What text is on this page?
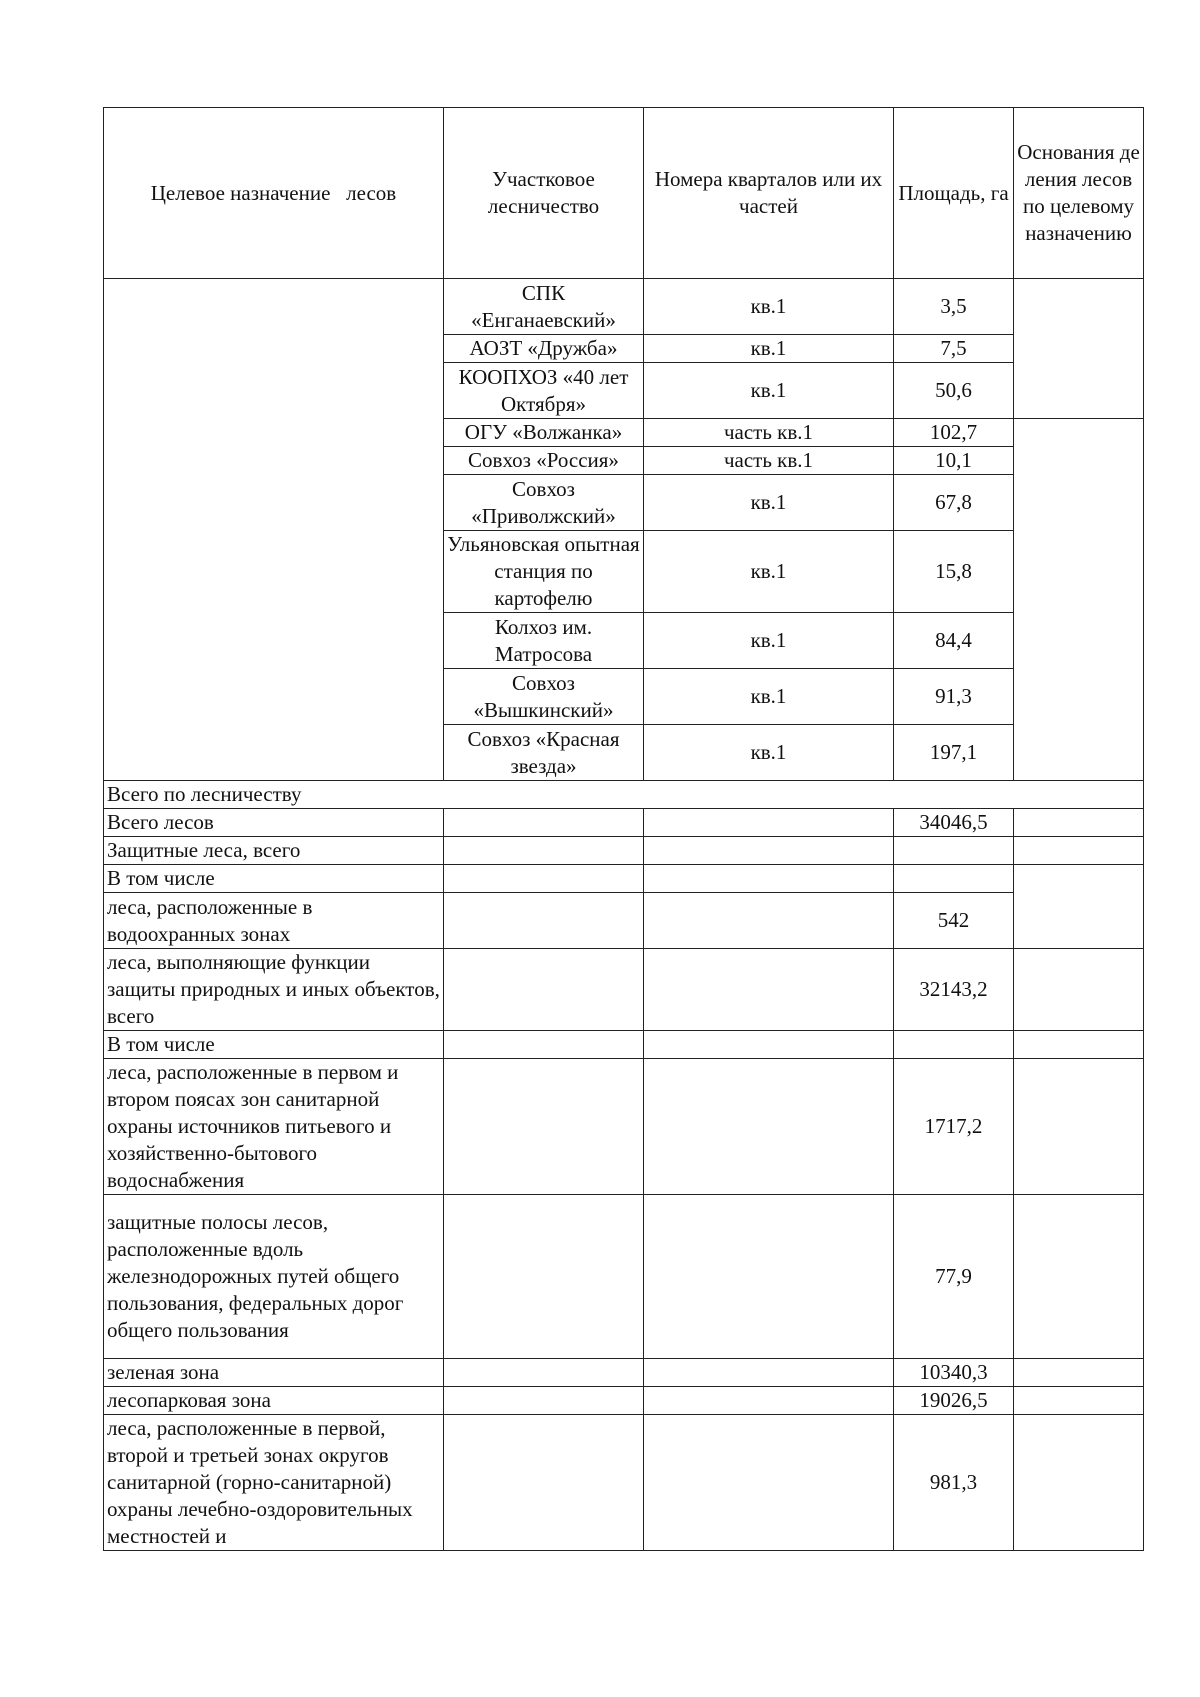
Целевое назначение   лесов	Участковое лесничество	Номера кварталов или их частей	Площадь, га	Основания деления лесов по целевому назначению
	СПК «Енганаевский»	кв.1	3,5	
	АОЗТ «Дружба»	кв.1	7,5	
	КООПХОЗ «40 лет Октября»	кв.1	50,6	
	ОГУ «Волжанка»	часть кв.1	102,7	
	Совхоз «Россия»	часть кв.1	10,1	
	Совхоз «Приволжский»	кв.1	67,8	
	Ульяновская опытная станция по картофелю	кв.1	15,8	
	Колхоз им. Матросова	кв.1	84,4	
	Совхоз «Вышкинский»	кв.1	91,3	
	Совхоз «Красная звезда»	кв.1	197,1	
Всего по лесничеству				
Всего лесов			34046,5	
Защитные леса, всего				
В том числе				
леса, расположенные в водоохранных зонах			542	
леса, выполняющие функции защиты природных и иных объектов, всего			32143,2	
В том числе				
леса, расположенные в первом и втором поясах зон санитарной охраны источников питьевого и хозяйственно-бытового водоснабжения			1717,2	
защитные полосы лесов, расположенные вдоль железнодорожных путей общего пользования, федеральных дорог общего пользования			77,9	
зеленая зона			10340,3	
лесопарковая зона			19026,5	
леса, расположенные в первой, второй и третьей зонах округов санитарной (горно-санитарной) охраны лечебно-оздоровительных местностей и			981,3	
